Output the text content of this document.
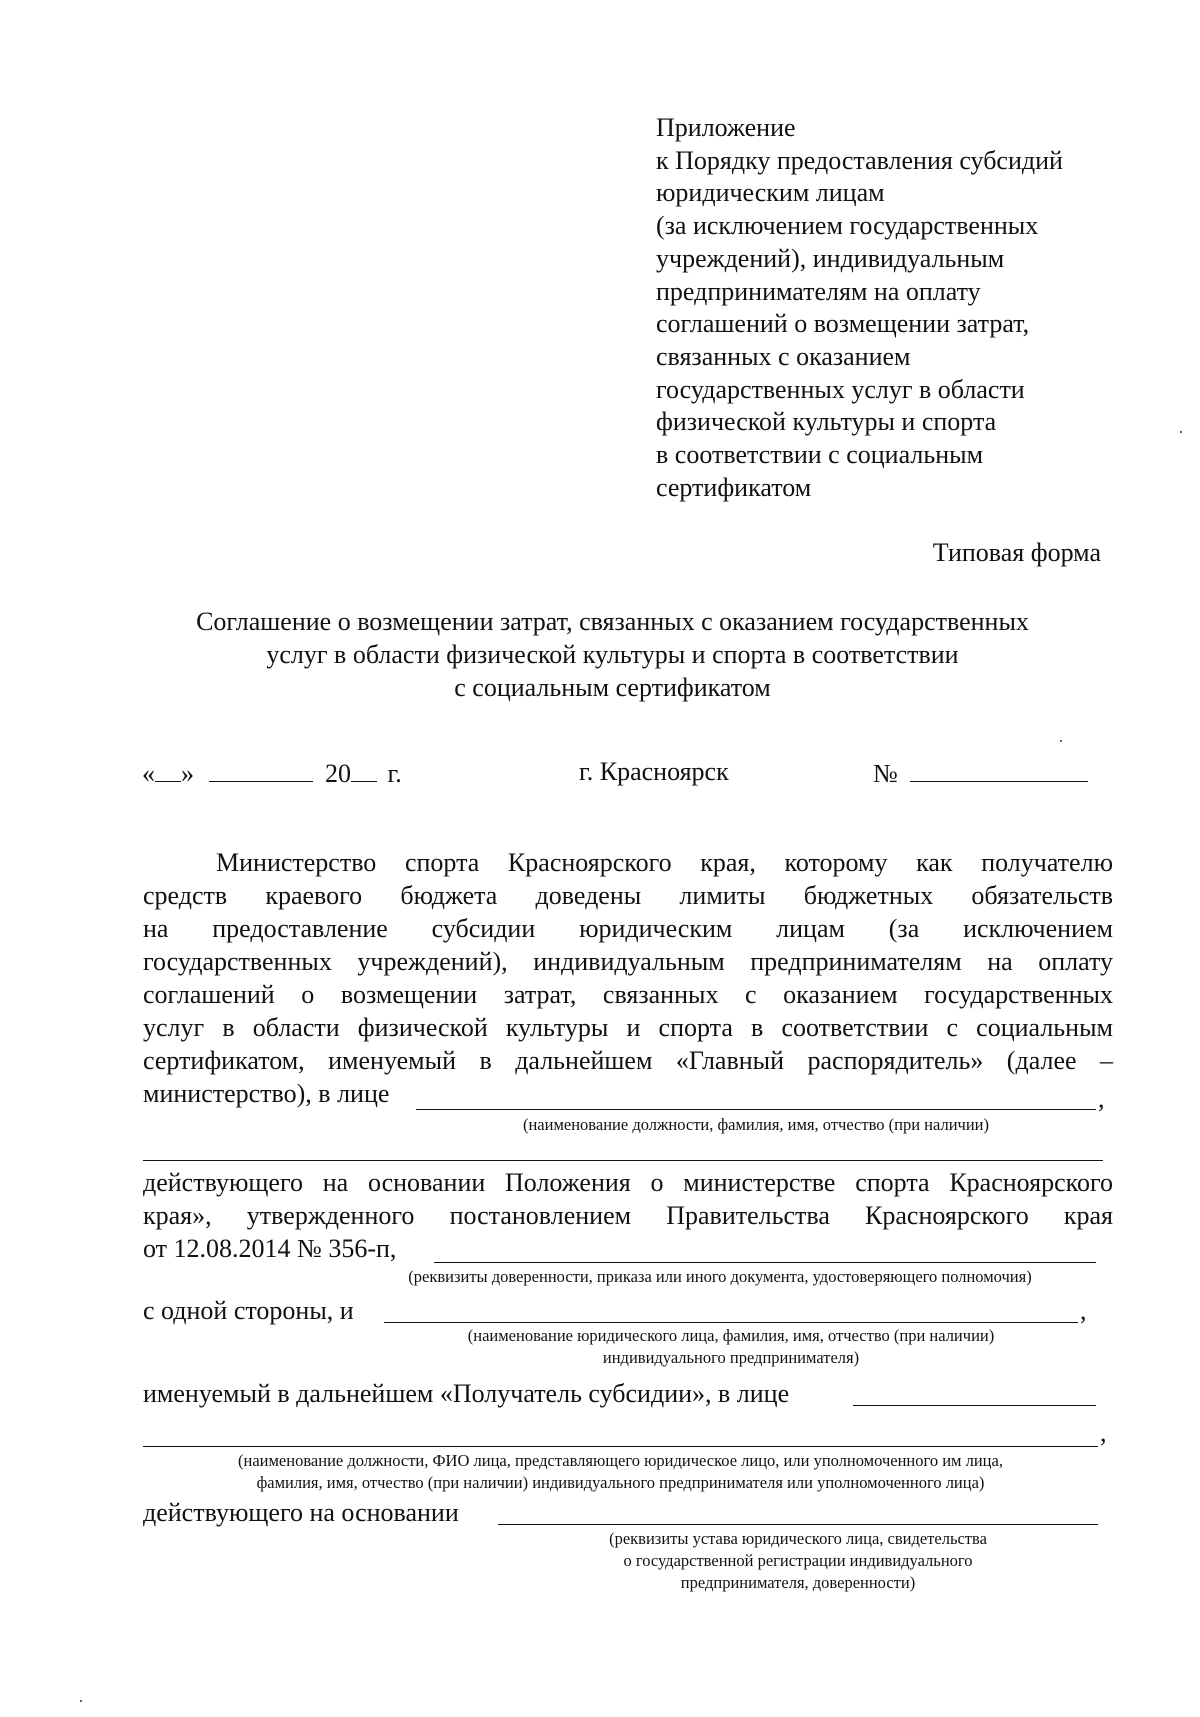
Приложение
к Порядку предоставления субсидий
юридическим лицам
(за исключением государственных
учреждений), индивидуальным
предпринимателям на оплату
соглашений о возмещении затрат,
связанных с оказанием
государственных услуг в области
физической культуры и спорта
в соответствии с социальным
сертификатом
Типовая форма
Соглашение о возмещении затрат, связанных с оказанием государственных
услуг в области физической культуры и спорта в соответствии
с социальным сертификатом
« »	20 г.	г. Красноярск	№
Министерство спорта Красноярского края, которому как получателю
средств краевого бюджета доведены лимиты бюджетных обязательств
на предоставление субсидии юридическим лицам (за исключением
государственных учреждений), индивидуальным предпринимателям на оплату
соглашений о возмещении затрат, связанных с оказанием государственных
услуг в области физической культуры и спорта в соответствии с социальным
сертификатом, именуемый в дальнейшем «Главный распорядитель» (далее –
министерство), в лице	,
(наименование должности, фамилия, имя, отчество (при наличии)
действующего на основании Положения о министерстве спорта Красноярского
края», утвержденного постановлением Правительства Красноярского края
от 12.08.2014 № 356-п,
(реквизиты доверенности, приказа или иного документа, удостоверяющего полномочия)
с одной стороны, и	,
(наименование юридического лица, фамилия, имя, отчество (при наличии)
индивидуального предпринимателя)
именуемый в дальнейшем «Получатель субсидии», в лице
,
(наименование должности, ФИО лица, представляющего юридическое лицо, или уполномоченного им лица,
фамилия, имя, отчество (при наличии) индивидуального предпринимателя или уполномоченного лица)
действующего на основании
(реквизиты устава юридического лица, свидетельства
о государственной регистрации индивидуального
предпринимателя, доверенности)
